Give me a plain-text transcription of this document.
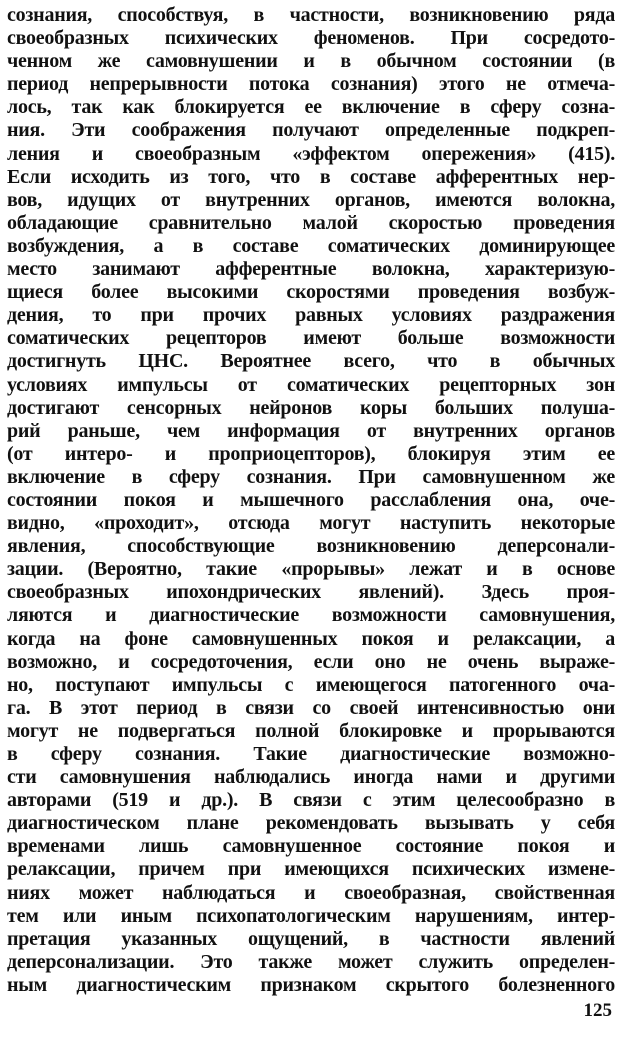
сознания, способствуя, в частности, возникновению ряда
своеобразных психических феноменов. При сосредото-
ченном же самовнушении и в обычном состоянии (в
период непрерывности потока сознания) этого не отмеча-
лось, так как блокируется ее включение в сферу созна-
ния. Эти соображения получают определенные подкреп-
ления и своеобразным «эффектом опережения» (415).
Если исходить из того, что в составе афферентных нер-
вов, идущих от внутренних органов, имеются волокна,
обладающие сравнительно малой скоростью проведения
возбуждения, а в составе соматических доминирующее
место занимают афферентные волокна, характеризую-
щиеся более высокими скоростями проведения возбуж-
дения, то при прочих равных условиях раздражения
соматических рецепторов имеют больше возможности
достигнуть ЦНС. Вероятнее всего, что в обычных
условиях импульсы от соматических рецепторных зон
достигают сенсорных нейронов коры больших полуша-
рий раньше, чем информация от внутренних органов
(от интеро- и проприоцепторов), блокируя этим ее
включение в сферу сознания. При самовнушенном же
состоянии покоя и мышечного расслабления она, оче-
видно, «проходит», отсюда могут наступить некоторые
явления, способствующие возникновению деперсонали-
зации. (Вероятно, такие «прорывы» лежат и в основе
своеобразных ипохондрических явлений). Здесь проя-
ляются и диагностические возможности самовнушения,
когда на фоне самовнушенных покоя и релаксации, а
возможно, и сосредоточения, если оно не очень выраже-
но, поступают импульсы с имеющегося патогенного оча-
га. В этот период в связи со своей интенсивностью они
могут не подвергаться полной блокировке и прорываются
в сферу сознания. Такие диагностические возможно-
сти самовнушения наблюдались иногда нами и другими
авторами (519 и др.). В связи с этим целесообразно в
диагностическом плане рекомендовать вызывать у себя
временами лишь самовнушенное состояние покоя и
релаксации, причем при имеющихся психических измене-
ниях может наблюдаться и своеобразная, свойственная
тем или иным психопатологическим нарушениям, интер-
претация указанных ощущений, в частности явлений
деперсонализации. Это также может служить определен-
ным диагностическим признаком скрытого болезненного
125
